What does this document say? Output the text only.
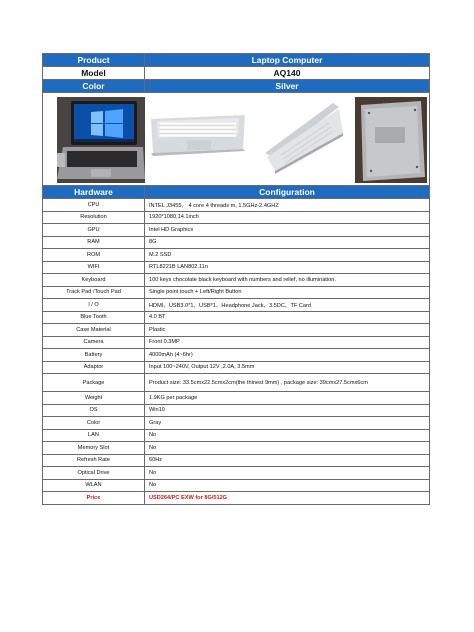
Product	Laptop Computer
Model	AQ140
Color	Silver

Hardware	Configuration
CPU	INTEL J3455， 4 core 4 threads m, 1.5GHz-2.4GHZ
Resolution	1920*1080,14.1inch
GPU	Intel HD Graphics
RAM	8G
ROM	M.2 SSD
WIFI	RTL8221B LAN802.11n
Keyboard	100 keys chocolate black keyboard with numbers and relief, no illumination.
Track Pad /Touch Pad	Single point touch + Left/Right Button
I / O	HDMI、USB3.0*1、USB*1、Headphone Jack、3.5DC、TF Card
Blue Tooth	4.0 BT
Case Material	Plastic
Camera	Front 0.3MP
Battery	4000mAh (4~6hr)
Adaptor	Input 100~240V, Output 12V ,2.0A, 3.5mm
Package	Product size: 33.5cmx22.5cmx2cm(the thinest 9mm) , package size: 39cmx27.5cmx6cm
Weight	1.9KG per package
OS	Win10
Color	Gray
LAN	No
Memory Slot	No
Refresh Rate	60Hz
Optical Drive	No
WLAN	No
Price	USD264/PC EXW for 8G/512G
